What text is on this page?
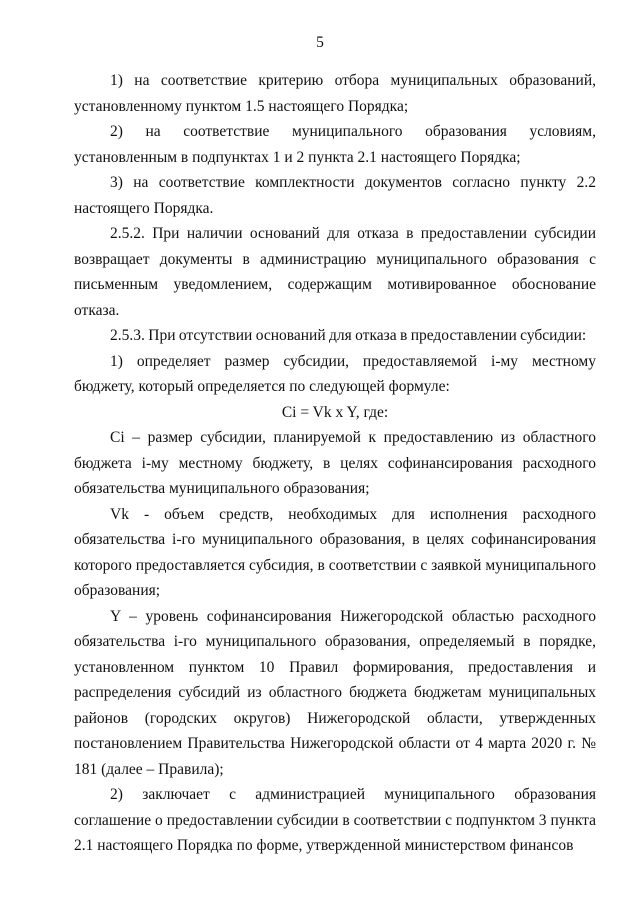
5

1) на соответствие критерию отбора муниципальных образований, установленному пунктом 1.5 настоящего Порядка;

2) на соответствие муниципального образования условиям, установленным в подпунктах 1 и 2 пункта 2.1 настоящего Порядка;

3) на соответствие комплектности документов согласно пункту 2.2 настоящего Порядка.

2.5.2. При наличии оснований для отказа в предоставлении субсидии возвращает документы в администрацию муниципального образования с письменным уведомлением, содержащим мотивированное обоснование отказа.

2.5.3. При отсутствии оснований для отказа в предоставлении субсидии:

1) определяет размер субсидии, предоставляемой i-му местному бюджету, который определяется по следующей формуле:

Ci = Vk x Y, где:

Ci – размер субсидии, планируемой к предоставлению из областного бюджета i-му местному бюджету, в целях софинансирования расходного обязательства муниципального образования;

Vk - объем средств, необходимых для исполнения расходного обязательства i-го муниципального образования, в целях софинансирования которого предоставляется субсидия, в соответствии с заявкой муниципального образования;

Y – уровень софинансирования Нижегородской областью расходного обязательства i-го муниципального образования, определяемый в порядке, установленном пунктом 10 Правил формирования, предоставления и распределения субсидий из областного бюджета бюджетам муниципальных районов (городских округов) Нижегородской области, утвержденных постановлением Правительства Нижегородской области от 4 марта 2020 г. № 181 (далее – Правила);

2) заключает с администрацией муниципального образования соглашение о предоставлении субсидии в соответствии с подпунктом 3 пункта 2.1 настоящего Порядка по форме, утвержденной министерством финансов
